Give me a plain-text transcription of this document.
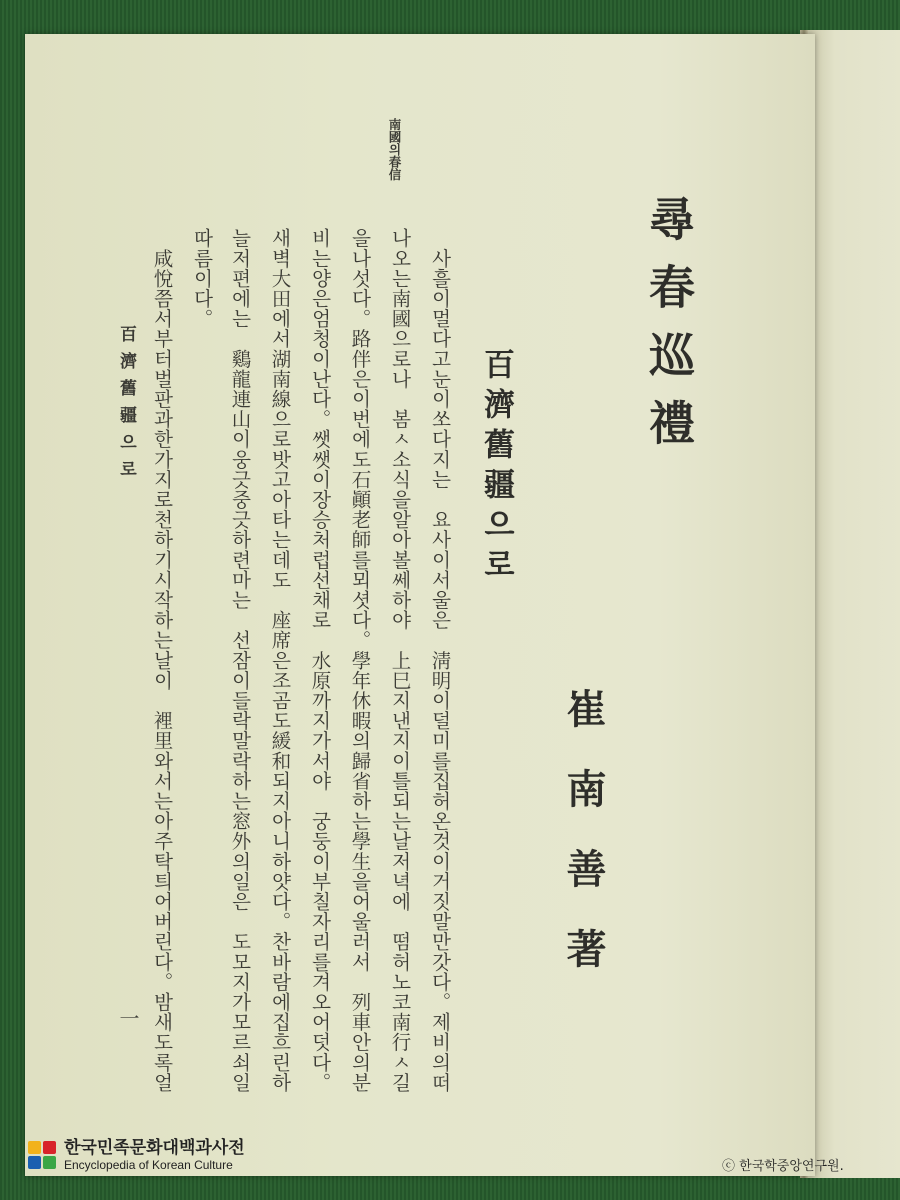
尋春巡禮
崔南善著
百濟舊疆으로
南國의春信
　사흘이멀다고눈이쏘다지는　요사이서울은　淸明이덜미를집허온것이거짓말만갓다。제비의떠
나오는南國으로나　봄ㅅ소식을알아볼쎄하야　上巳지낸지이틀되는날저녁에　떰허노코南行ㅅ길
을나섯다。路伴은이번에도石顚老師를뫼셧다。學年休暇의歸省하는學生을어울러서　列車안의분
비는양은엄청이난다。쌧쌧이장승처럽선채로　水原까지가서야　궁둥이부칠자리를겨오어덧다。
새벽大田에서湖南線으로밧고아타는데도　座席은조곰도緩和되지아니하얏다。찬바람에집흐린하
늘저편에는　鷄龍連山이웅긋중긋하련마는　선잠이들락말락하는窓外의일은　도모지가모르쇠일
따름이다。
　咸悅쯤서부터벌판과한가지로천하기시작하는날이　裡里와서는아주탁틔어버린다。밤새도록얼
百濟舊疆으로
一
한국민족문화대백과사전
Encyclopedia of Korean Culture	ⓒ 한국학중앙연구원.
